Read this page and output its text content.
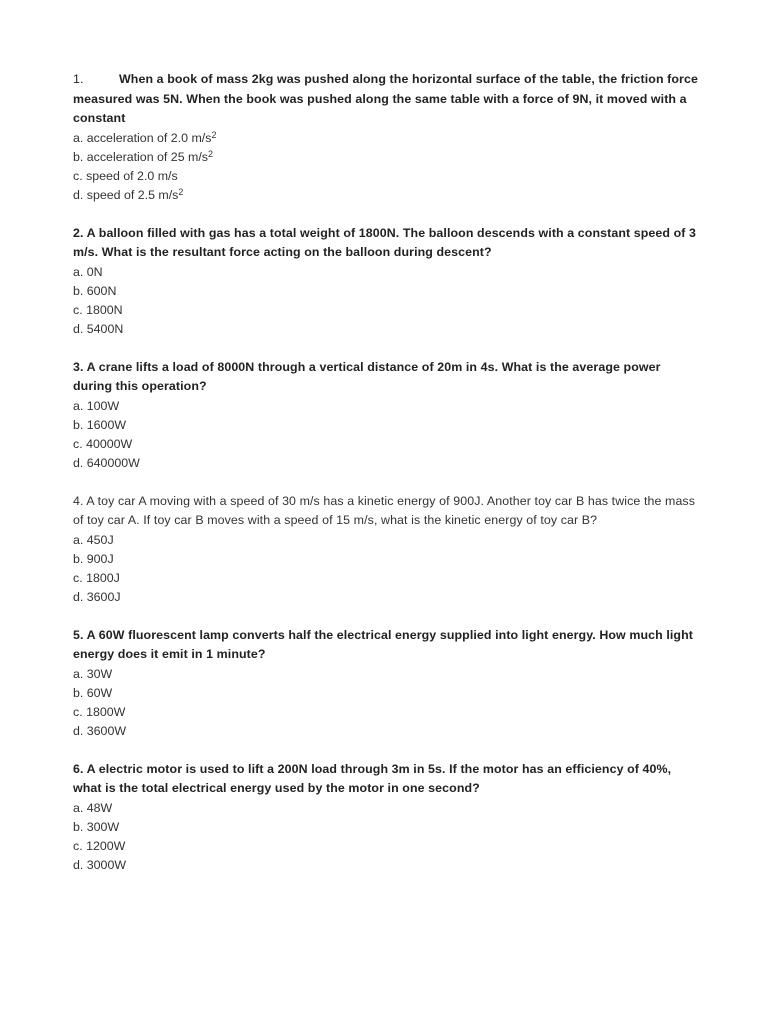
1.	When a book of mass 2kg was pushed along the horizontal surface of the table, the friction force measured was 5N. When the book was pushed along the same table with a force of 9N, it moved with a constant
a. acceleration of 2.0 $m/s^2$
b. acceleration of 25 $m/s^2$
c. speed of 2.0 m/s
d. speed of 2.5 $m/s^2$
2. A balloon filled with gas has a total weight of 1800N. The balloon descends with a constant speed of 3 m/s. What is the resultant force acting on the balloon during descent?
a. 0N
b. 600N
c. 1800N
d. 5400N
3. A crane lifts a load of 8000N through a vertical distance of 20m in 4s. What is the average power during this operation?
a. 100W
b. 1600W
c. 40000W
d. 640000W
4. A toy car A moving with a speed of 30 m/s has a kinetic energy of 900J. Another toy car B has twice the mass of toy car A. If toy car B moves with a speed of 15 m/s, what is the kinetic energy of toy car B?
a. 450J
b. 900J
c. 1800J
d. 3600J
5. A 60W fluorescent lamp converts half the electrical energy supplied into light energy. How much light energy does it emit in 1 minute?
a. 30W
b. 60W
c. 1800W
d. 3600W
6. A electric motor is used to lift a 200N load through 3m in 5s. If the motor has an efficiency of 40%, what is the total electrical energy used by the motor in one second?
a. 48W
b. 300W
c. 1200W
d. 3000W
